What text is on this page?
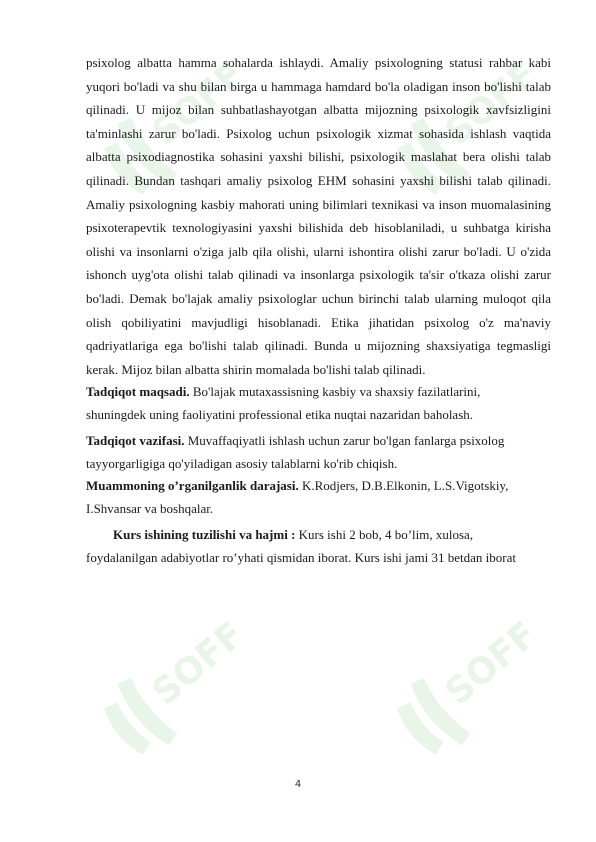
SOFF	SOFF
SOFF	SOFF

psixolog albatta hamma sohalarda ishlaydi. Amaliy psixologning statusi rahbar kabi yuqori bo'ladi va shu bilan birga u hammaga hamdard bo'la oladigan inson bo'lishi talab qilinadi. U mijoz bilan suhbatlashayotgan albatta mijozning psixologik xavfsizligini ta'minlashi zarur bo'ladi. Psixolog uchun psixologik xizmat sohasida ishlash vaqtida albatta psixodiagnostika sohasini yaxshi bilishi, psixologik maslahat bera olishi talab qilinadi. Bundan tashqari amaliy psixolog EHM sohasini yaxshi bilishi talab qilinadi. Amaliy psixologning kasbiy mahorati uning bilimlari texnikasi va inson muomalasining psixoterapevtik texnologiyasini yaxshi bilishida deb hisoblaniladi, u suhbatga kirisha olishi va insonlarni o'ziga jalb qila olishi, ularni ishontira olishi zarur bo'ladi. U o'zida ishonch uyg'ota olishi talab qilinadi va insonlarga psixologik ta'sir o'tkaza olishi zarur bo'ladi. Demak bo'lajak amaliy psixologlar uchun birinchi talab ularning muloqot qila olish qobiliyatini mavjudligi hisoblanadi. Etika jihatidan psixolog o'z ma'naviy qadriyatlariga ega bo'lishi talab qilinadi. Bunda u mijozning shaxsiyatiga tegmasligi kerak. Mijoz bilan albatta shirin momalada bo'lishi talab qilinadi.

Tadqiqot maqsadi. Bo'lajak mutaxassisning kasbiy va shaxsiy fazilatlarini,
shuningdek uning faoliyatini professional etika nuqtai nazaridan baholash.

Tadqiqot vazifasi. Muvaffaqiyatli ishlash uchun zarur bo'lgan fanlarga psixolog
tayyorgarligiga qo'yiladigan asosiy talablarni ko'rib chiqish.

Muammoning o’rganilganlik darajasi. K.Rodjers, D.B.Elkonin, L.S.Vigotskiy,
I.Shvansar va boshqalar.

Kurs ishining tuzilishi va hajmi : Kurs ishi 2 bob, 4 bo’lim, xulosa,
foydalanilgan adabiyotlar ro’yhati qismidan iborat. Kurs ishi jami 31 betdan iborat

4
